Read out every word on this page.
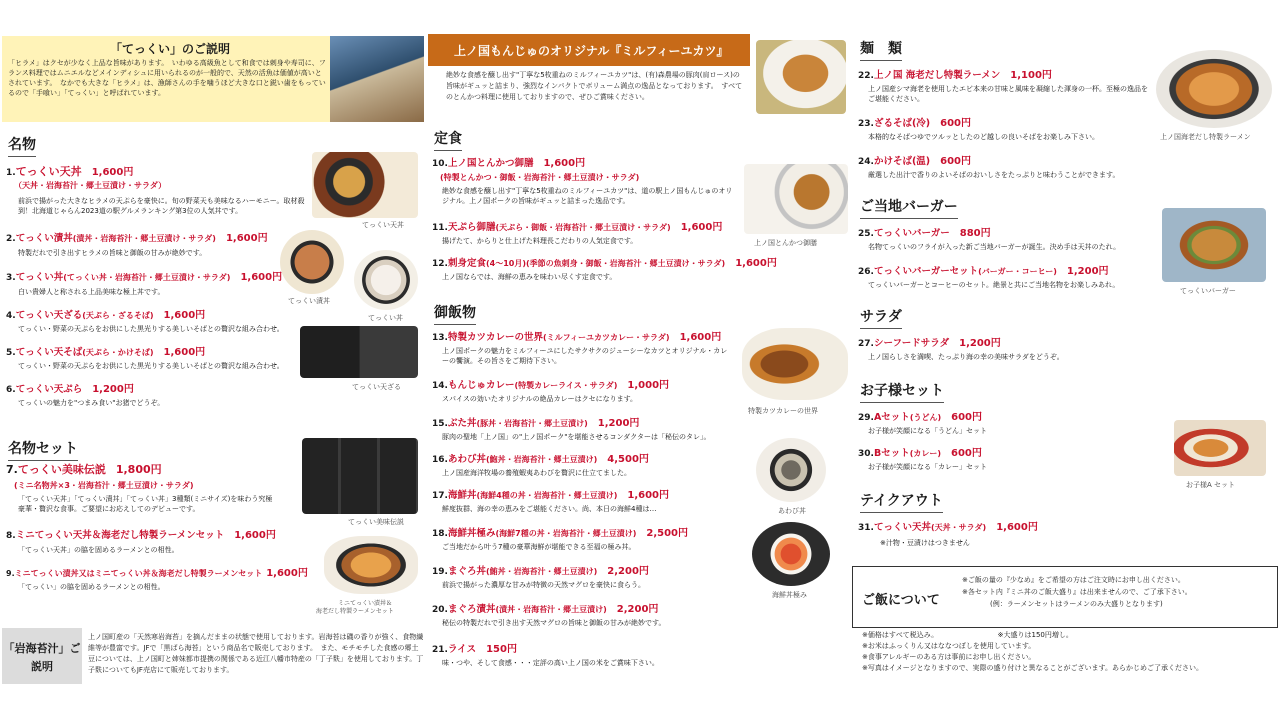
「てっくい」のご説明
「ヒラメ」はクセが少なく上品な旨味があります。　いわゆる高級魚として和食では刺身や寿司に、フランス料理ではムニエルなどメインディシュに用いられるのが一般的で、天然の活魚は価値が高いとされています。　なかでも大きな「ヒラメ」は、漁師さんの手を噛うほど大きな口と鋭い歯をもっているので「手喰い」「てっくい」と呼ばれています。
名物
1.てっくい天丼 1,600円
（天丼・岩海苔汁・郷土豆漬け・サラダ）
前浜で揚がった大きなヒラメの天ぷらを豪快に。旬の野菜天も美味なるハーモニー。取材殺到！北海道じゃらん2023道の駅グルメランキング第3位の人気丼です。
2.てっくい漬丼(漬丼・岩海苔汁・郷土豆漬け・サラダ) 1,600円
特製だれで引き出すヒラメの旨味と御飯の甘みが絶妙です。
3.てっくい丼(てっくい丼・岩海苔汁・郷土豆漬け・サラダ) 1,600円
白い貴婦人と称される上品美味な極上丼です。
4.てっくい天ざる(天ぷら・ざるそば) 1,600円
てっくい・野菜の天ぷらをお供にした黒光りする美しいそばとの贅沢な組み合わせ。
5.てっくい天そば(天ぷら・かけそば) 1,600円
てっくい・野菜の天ぷらをお供にした黒光りする美しいそばとの贅沢な組み合わせ。
6.てっくい天ぷら 1,200円
てっくいの魅力を"つまみ食い"お猪でどうぞ。
てっくい天丼
てっくい漬丼
てっくい丼
てっくい天ざる
名物セット
7.てっくい美味伝説 1,800円
(ミニ名物丼×3・岩海苔汁・郷土豆漬け・サラダ)
「てっくい天丼」「てっくい漬丼」「てっくい丼」3種類(ミニサイズ)を味わう究極豪華・贅沢な食事。ご要望にお応えしてのデビューです。
8.ミニてっくい天丼＆海老だし特製ラーメンセット 1,600円
「てっくい天丼」の脇を固めるラーメンとの相性。
9.ミニてっくい漬丼又はミニてっくい丼＆海老だし特製ラーメンセット 1,600円
「てっくい」の脇を固めるラーメンとの相性。
てっくい美味伝説
ミニてっくい漬丼＆
海老だし特製ラーメンセット
「岩海苔汁」ご説明
上ノ国町産の「天然寒岩海苔」を摘んだままの状態で使用しております。岩海苔は磯の香りが強く、食物繊維等が豊富です。JFで「黒ばら海苔」という商品名で販売しております。　また、モチモチした食感の郷土豆については、上ノ国町と姉妹都市提携の関係である近江八幡市特産の「丁子麩」を使用しております。丁子麩についてもJF売店にて販売しております。
上ノ国もんじゅのオリジナル『ミルフィーユカツ』
絶妙な食感を醸し出す"丁寧な5枚重ねのミルフィーユカツ"は、(有)森農場の豚肉(肩ロース)の旨味がギュッと詰まり、強烈なインパクトでボリューム満点の逸品となっております。　すべてのとんかつ料理に使用しておりますので、ぜひご賞味ください。
定食
10.上ノ国とんかつ御膳 1,600円
(特製とんかつ・御飯・岩海苔汁・郷土豆漬け・サラダ)
絶妙な食感を醸し出す"丁寧な5枚重ねのミルフィーユカツ"は、道の駅上ノ国もんじゅのオリジナル。上ノ国ポークの旨味がギュッと詰まった逸品です。
11.天ぷら御膳(天ぷら・御飯・岩海苔汁・郷土豆漬け・サラダ) 1,600円
揚げたて、からりと仕上げた料理長こだわりの人気定食です。
12.刺身定食(4〜10月)(季節の魚刺身・御飯・岩海苔汁・郷土豆漬け・サラダ) 1,600円
上ノ国ならでは、海鮮の恵みを味わい尽くす定食です。
上ノ国とんかつ御膳
御飯物
13.特製カツカレーの世界(ミルフィーユカツカレー・サラダ) 1,600円
上ノ国ポークの魅力をミルフィーユにしたサクサクのジューシーなカツとオリジナル・カレーの饗演。その旨さをご期待下さい。
14.もんじゅカレー(特製カレーライス・サラダ) 1,000円
スパイスの効いたオリジナルの絶品カレーはクセになります。
15.ぶた丼(豚丼・岩海苔汁・郷土豆漬け) 1,200円
豚肉の聖地「上ノ国」の"上ノ国ポーク"を堪能させるコンダクターは「秘伝のタレ」。
16.あわび丼(鮑丼・岩海苔汁・郷土豆漬け) 4,500円
上ノ国産海洋牧場の養殖蝦夷あわびを贅沢に仕立てました。
17.海鮮丼(海鮮4種の丼・岩海苔汁・郷土豆漬け) 1,600円
鮮度抜群、海の幸の恵みをご堪能ください。尚、本日の海鮮4種は…
18.海鮮丼極み(海鮮7種の丼・岩海苔汁・郷土豆漬け) 2,500円
ご当地だから叶う7種の豪華海鮮が堪能できる至福の極み丼。
19.まぐろ丼(鮪丼・岩海苔汁・郷土豆漬け) 2,200円
前浜で揚がった濃厚な甘みが特徴の天然マグロを豪快に食らう。
20.まぐろ漬丼(漬丼・岩海苔汁・郷土豆漬け) 2,200円
秘伝の特製だれで引き出す天然マグロの旨味と御飯の甘みが絶妙です。
21.ライス 150円
味・つや、そして食感・・・定評の高い上ノ国の米をご賞味下さい。
特製カツカレーの世界
あわび丼
海鮮丼極み
麺　類
22.上ノ国 海老だし特製ラーメン 1,100円
上ノ国産シマ海老を使用したエビ本来の甘味と風味を凝縮した渾身の一杯。至極の逸品をご堪能ください。
23.ざるそば(冷) 600円
本格的なそばつゆでツルッとしたのど越しの良いそばをお楽しみ下さい。
24.かけそば(温) 600円
厳選した出汁で香りのよいそばのおいしさをたっぷりと味わうことができます。
上ノ国海老だし特製ラーメン
ご当地バーガー
25.てっくいバーガー 880円
名物てっくいのフライが入った新ご当地バーガーが誕生。決め手は天丼のたれ。
26.てっくいバーガーセット(バーガー・コーヒー) 1,200円
てっくいバーガーとコーヒーのセット。絶景と共にご当地名物をお楽しみあれ。
てっくいバーガー
サラダ
27.シーフードサラダ 1,200円
上ノ国らしさを満喫、たっぷり海の幸の美味サラダをどうぞ。
お子様セット
29.Aセット(うどん) 600円
お子様が笑顔になる「うどん」セット
30.Bセット(カレー) 600円
お子様が笑顔になる「カレー」セット
お子様A セット
テイクアウト
31.てっくい天丼(天丼・サラダ) 1,600円
※汁物・豆漬けはつきません
ご飯について
※ご飯の量の『少なめ』をご希望の方はご注文時にお申し出ください。
※各セット内『ミニ丼のご飯大盛り』は出来ませんので、ご了承下さい。
(例：ラーメンセットはラーメンのみ大盛りとなります)
※価格はすべて税込み。　　　　　　　　　※大盛りは150円増し。
※お米はふっくりん又はななつぼしを使用しています。
※食事アレルギーのある方は事前にお申し出ください。
※写真はイメージとなりますので、実際の盛り付けと異なることがございます。あらかじめご了承ください。
